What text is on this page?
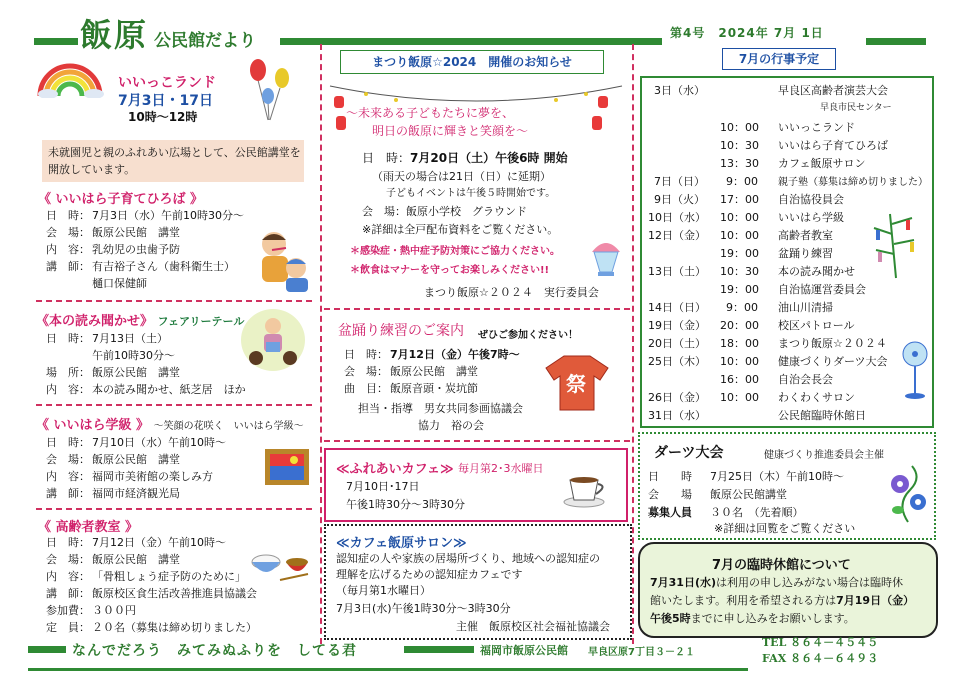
飯原 公民館だより	第4号　2024年 7月 1日
いいっこランド
7月3日・17日
10時～12時
未就園児と親のふれあい広場として、公民館講堂を
開放しています。
《 いいはら子育てひろば 》
日　時： 7月3日（水）午前10時30分～
会　場： 飯原公民館　講堂
内　容： 乳幼児の虫歯予防
講　師： 有吉裕子さん（歯科衛生士）
樋口保健師
《本の読み聞かせ》 フェアリーテール
日　時： 7月13日（土）
午前10時30分～
場　所： 飯原公民館　講堂
内　容： 本の読み聞かせ、紙芝居　ほか
《 いいはら学級 》 ～笑顔の花咲く　いいはら学級～
日　時： 7月10日（水）午前10時～
会　場： 飯原公民館　講堂
内　容： 福岡市美術館の楽しみ方
講　師： 福岡市経済観光局
《 高齢者教室 》
日　時： 7月12日（金）午前10時～
会　場： 飯原公民館　講堂
内　容： 「骨粗しょう症予防のために」
講　師： 飯原校区食生活改善推進員協議会
参加費： ３００円
定　員： ２０名（募集は締め切りました）
まつり飯原☆2024　開催のお知らせ
～未来ある子どもたちに夢を、
明日の飯原に輝きと笑顔を～
日　時：7月20日（土）午後6時 開始
（雨天の場合は21日（日）に延期）
子どもイベントは午後５時開始です。
会　場：飯原小学校　グラウンド
※詳細は全戸配布資料をご覧ください。
＊感染症・熱中症予防対策にご協力ください。
＊飲食はマナーを守ってお楽しみください!!
まつり飯原☆２０２４　実行委員会
盆踊り練習のご案内 ぜひご参加ください！
日　時： 7月12日（金）午後7時～
会　場： 飯原公民館　講堂
曲　目： 飯原音頭・炭坑節
担当・指導　男女共同参画協議会
協力　裕の会
祭
≪ふれあいカフェ≫ 毎月第2･3水曜日
7月10日･17日
午後1時30分～3時30分
≪カフェ飯原サロン≫
認知症の人や家族の居場所づくり、地域への認知症の
理解を広げるための認知症カフェです
（毎月第1水曜日）
7月3日(水)午後1時30分～3時30分
主催　飯原校区社会福祉協議会
7月の行事予定
3日（水）	早良区高齢者演芸大会
早良市民センター
10：00 いいっこランド
10：30 いいはら子育てひろば
13：30 カフェ飯原サロン
7日（日） 9：00 親子塾（募集は締め切りました）
9日（火） 17：00 自治協役員会
10日（水） 10：00 いいはら学級
12日（金） 10：00 高齢者教室
19：00 盆踊り練習
13日（土） 10：30 本の読み聞かせ
19：00 自治協運営委員会
14日（日） 9：00 油山川清掃
19日（金） 20：00 校区パトロール
20日（土） 18：00 まつり飯原☆２０２４
25日（木） 10：00 健康づくりダーツ大会
16：00 自治会長会
26日（金） 10：00 わくわくサロン
31日（水）	公民館臨時休館日
ダーツ大会	健康づくり推進委員会主催
日　　時 7月25日（木）午前10時～
会　　場 飯原公民館講堂
募集人員 ３０名　（先着順）
※詳細は回覧をご覧ください
7月の臨時休館について
7月31日(水)は利用の申し込みがない場合は臨時休
館いたします。利用を希望される方は7月19日（金）
午後5時までに申し込みをお願いします。
なんでだろう　みてみぬふりを　してる君	福岡市飯原公民館 早良区原7丁目３－２１
TEL ８６４－４５４５
FAX ８６４－６４９３
